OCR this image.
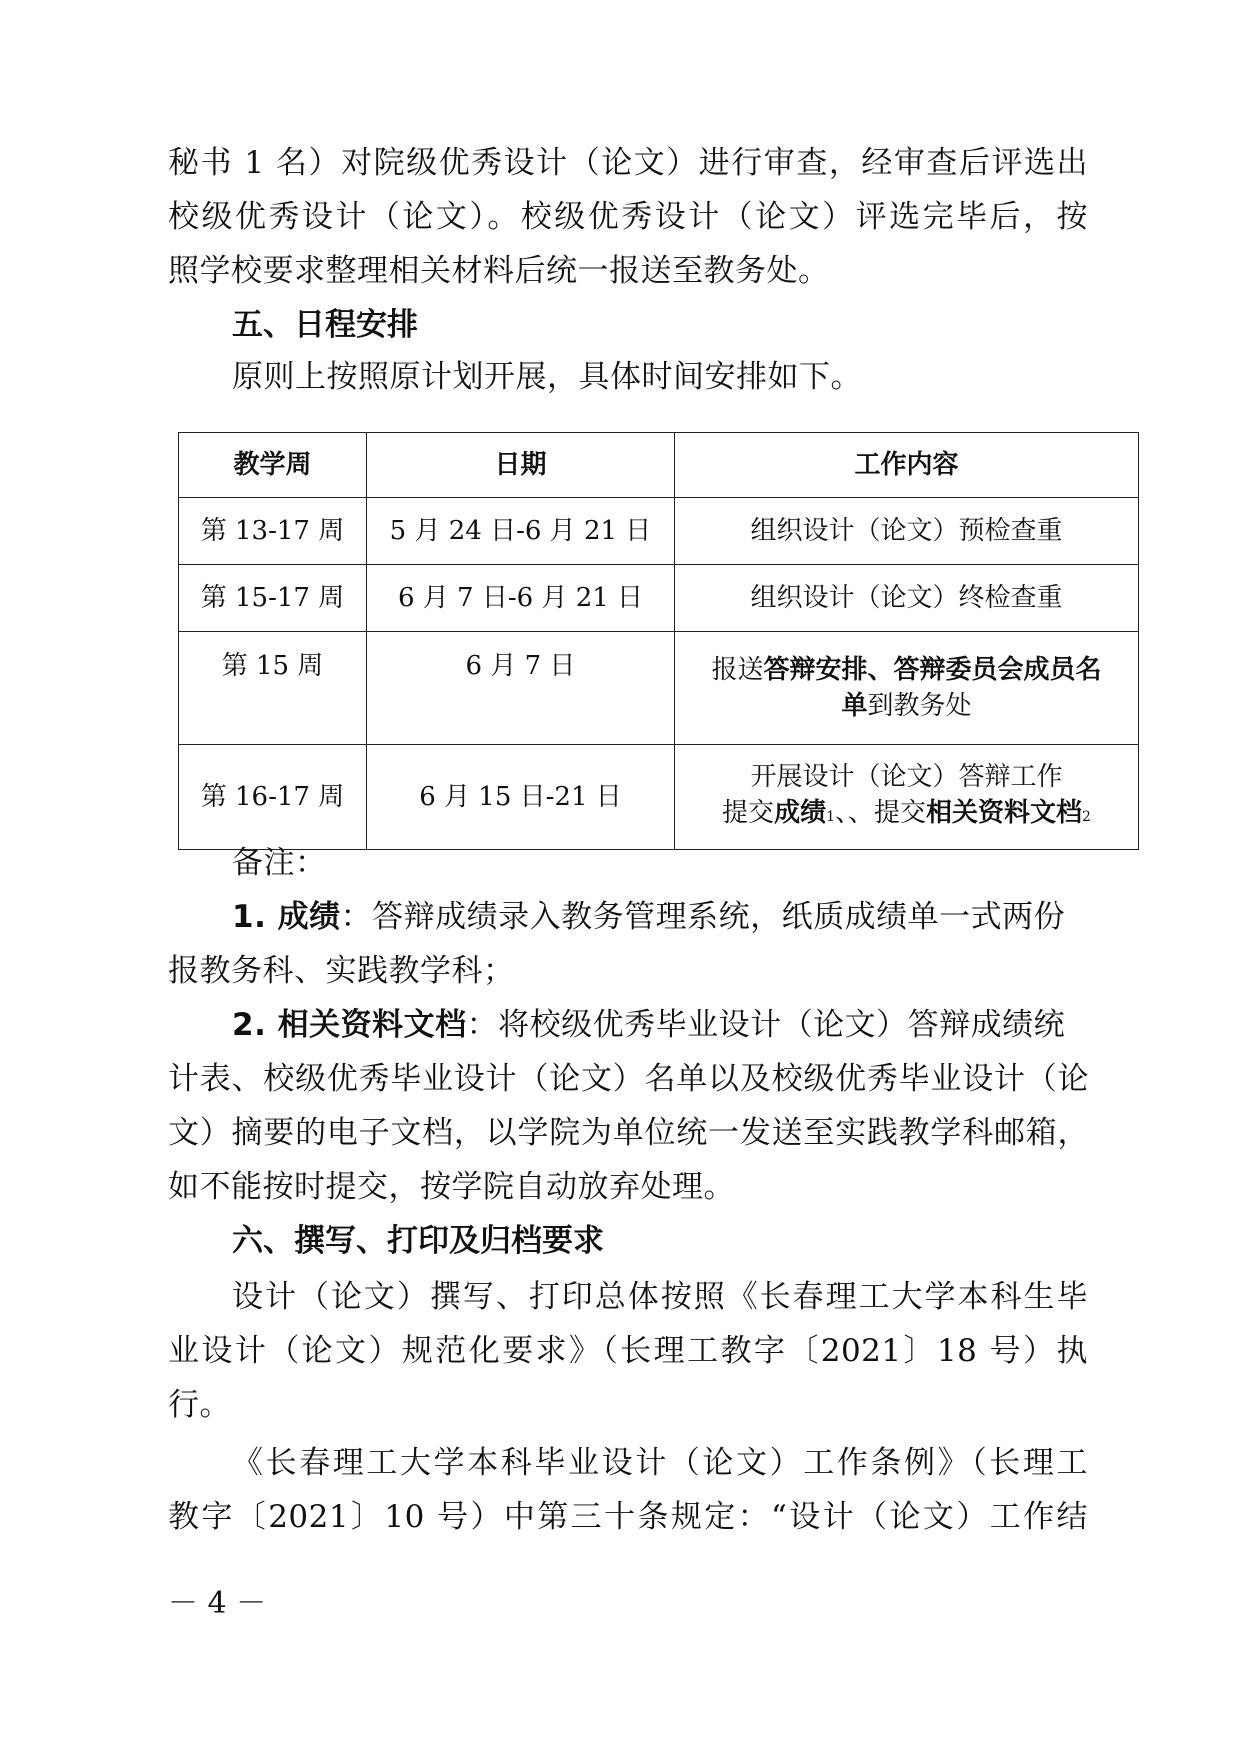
秘书 1 名）对院级优秀设计（论文）进行审查，经审查后评选出
校级优秀设计（论文）。校级优秀设计（论文）评选完毕后，按
照学校要求整理相关材料后统一报送至教务处。
五、日程安排
原则上按照原计划开展，具体时间安排如下。
教学周	日期	工作内容
第 13-17 周	5 月 24 日-6 月 21 日	组织设计（论文）预检查重
第 15-17 周	6 月 7 日-6 月 21 日	组织设计（论文）终检查重
第 15 周	6 月 7 日	报送答辩安排、答辩委员会成员名
单到教务处

第 16-17 周	6 月 15 日-21 日	开展设计（论文）答辩工作
提交成绩1、、提交相关资料文档2
备注：
1. 成绩：答辩成绩录入教务管理系统，纸质成绩单一式两份
报教务科、实践教学科；
2. 相关资料文档：将校级优秀毕业设计（论文）答辩成绩统
计表、校级优秀毕业设计（论文）名单以及校级优秀毕业设计（论
文）摘要的电子文档，以学院为单位统一发送至实践教学科邮箱，
如不能按时提交，按学院自动放弃处理。
六、撰写、打印及归档要求
设计（论文）撰写、打印总体按照《长春理工大学本科生毕
业设计（论文）规范化要求》（长理工教字〔2021〕18 号）执
行。
《长春理工大学本科毕业设计（论文）工作条例》（长理工
教字〔2021〕10 号）中第三十条规定：“设计（论文）工作结
－ 4 －
